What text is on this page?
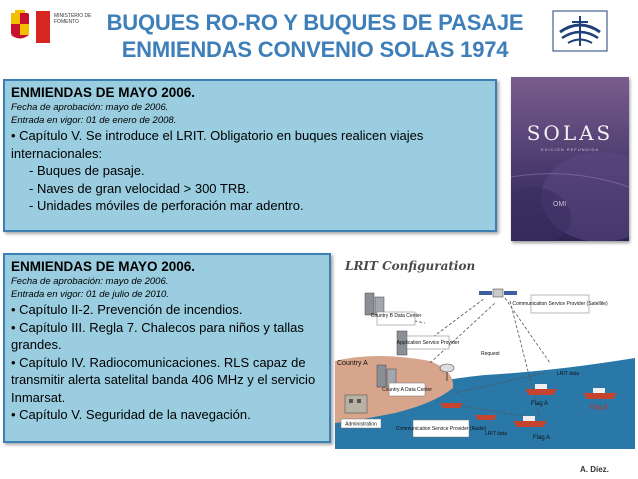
MINISTERIO DE FOMENTO	BUQUES RO-RO Y BUQUES DE PASAJE
ENMIENDAS CONVENIO SOLAS 1974
ENMIENDAS DE MAYO 2006.
Fecha de aprobación: mayo de 2006.
Entrada en vigor: 01 de enero de 2008.
• Capítulo V. Se introduce el LRIT. Obligatorio en buques realicen viajes internacionales:
- Buques de pasaje.
- Naves de gran velocidad > 300 TRB.
- Unidades móviles de perforación mar adentro.
SOLAS
EDICIÓN REFUNDIDA
OMI
ENMIENDAS DE MAYO 2006.
Fecha de aprobación: mayo de 2006.
Entrada en vigor: 01 de julio de 2010.
• Capítulo II-2. Prevención de incendios.
• Capítulo III. Regla 7. Chalecos para niños y tallas grandes.
• Capítulo IV. Radiocomunicaciones. RLS capaz de transmitir alerta satelital banda 406 MHz y el servicio Inmarsat.
• Capítulo V. Seguridad de la navegación.
LRIT Configuration
Country B Data Center
Application Service Provider
Communication Service Provider (Satellite)
Country A Data Center
Administration
Communication Service Provider (Radio)
Country A
Request
LRIT data
LRIT data
Flag A
Flag A
Flag B
A. Díez.
